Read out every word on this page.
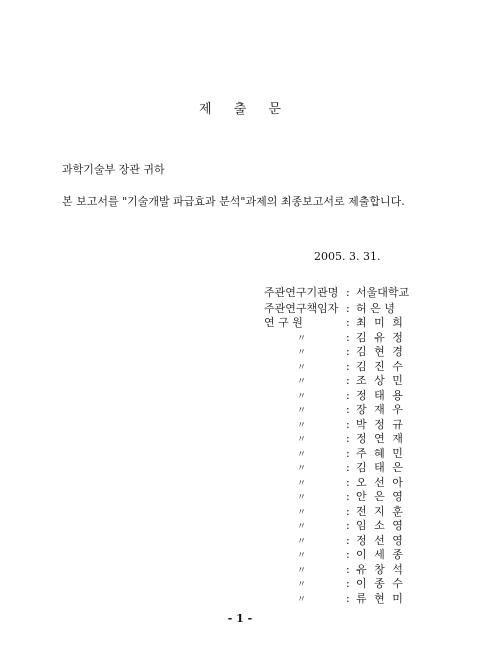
제 출 문
과학기술부 장관 귀하
본 보고서를 "기술개발 파급효과 분석"과제의 최종보고서로 제출합니다.
2005. 3. 31.
주관연구기관명 : 서울대학교
주관연구책임자 : 허 은 녕
연 구 원	: 최 미 희
〃	: 김 유 정
〃	: 김 현 경
〃	: 김 진 수
〃	: 조 상 민
〃	: 정 태 용
〃	: 장 재 우
〃	: 박 정 규
〃	: 정 연 재
〃	: 주 혜 민
〃	: 김 태 은
〃	: 오 선 아
〃	: 안 은 영
〃	: 전 지 훈
〃	: 임 소 영
〃	: 정 선 영
〃	: 이 세 종
〃	: 유 창 석
〃	: 이 종 수
〃	: 류 현 미
- 1 -
